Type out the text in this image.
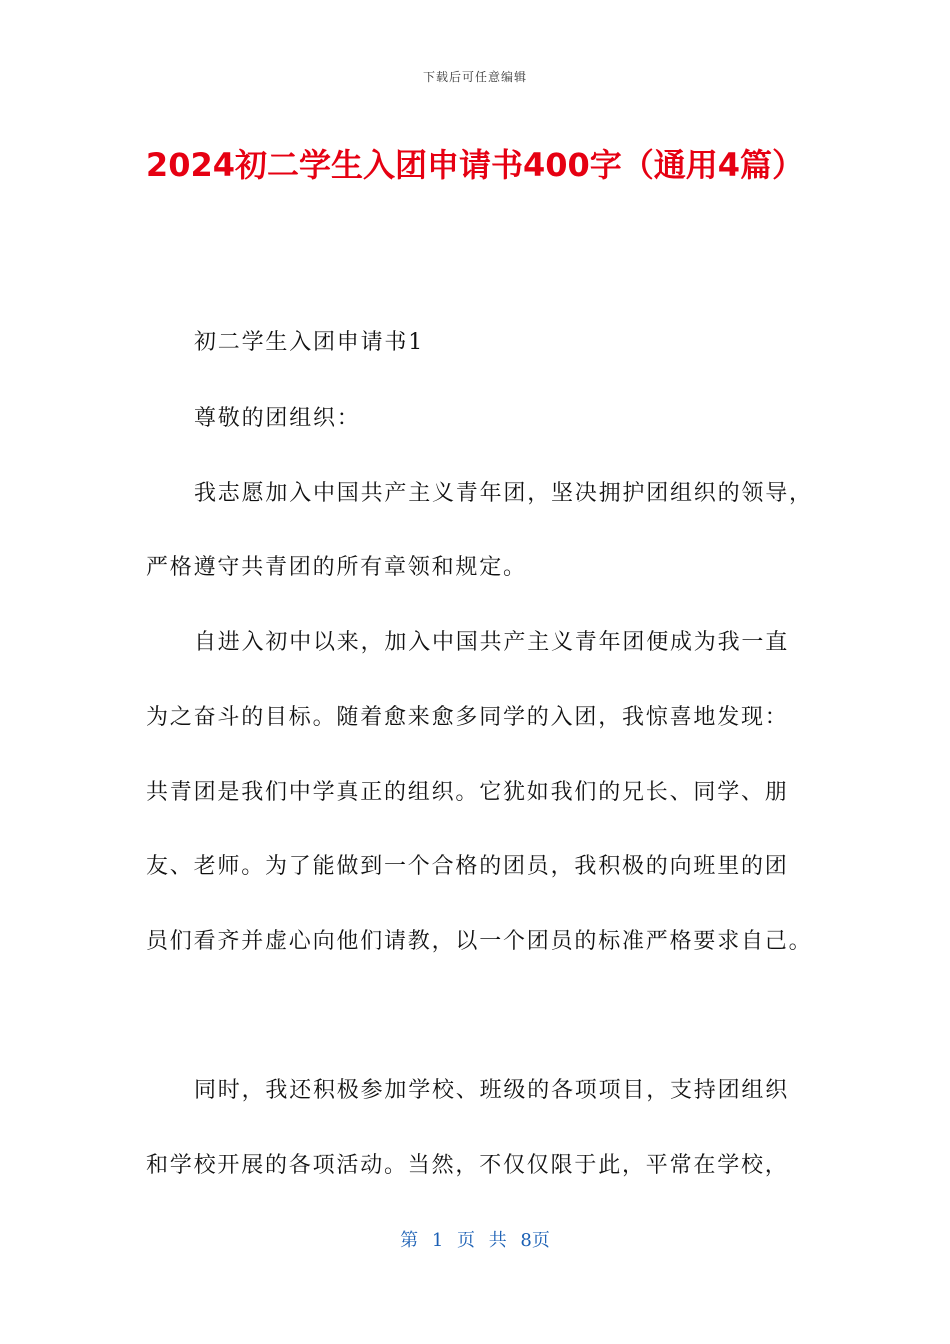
下载后可任意编辑
2024初二学生入团申请书400字（通用4篇）

初二学生入团申请书1

尊敬的团组织：

我志愿加入中国共产主义青年团，坚决拥护团组织的领导，

严格遵守共青团的所有章领和规定。

自进入初中以来，加入中国共产主义青年团便成为我一直

为之奋斗的目标。随着愈来愈多同学的入团，我惊喜地发现：

共青团是我们中学真正的组织。它犹如我们的兄长、同学、朋

友、老师。为了能做到一个合格的团员，我积极的向班里的团

员们看齐并虚心向他们请教，以一个团员的标准严格要求自己。

同时，我还积极参加学校、班级的各项项目，支持团组织

和学校开展的各项活动。当然，不仅仅限于此，平常在学校，

第 1 页 共 8页
